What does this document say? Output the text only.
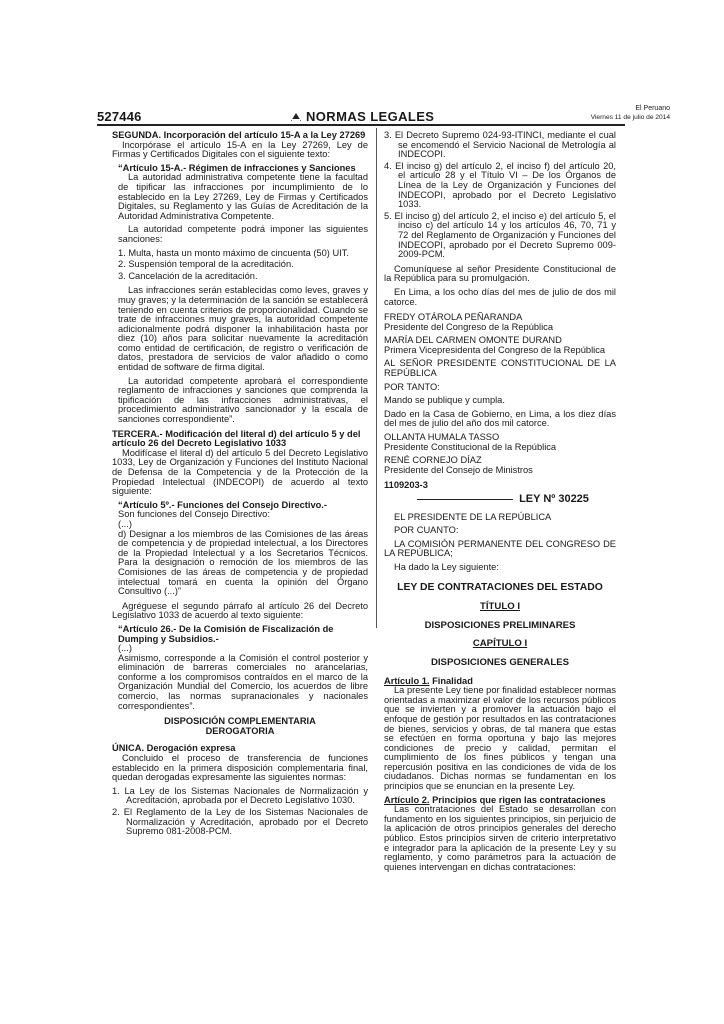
527446	NORMAS LEGALES
El Peruano
Viernes 11 de julio de 2014
SEGUNDA. Incorporación del artículo 15-A a la Ley 27269

Incorpórase el artículo 15-A en la Ley 27269, Ley de Firmas y Certificados Digitales con el siguiente texto:

“Artículo 15-A.- Régimen de infracciones y Sanciones

La autoridad administrativa competente tiene la facultad de tipificar las infracciones por incumplimiento de lo establecido en la Ley 27269, Ley de Firmas y Certificados Digitales, su Reglamento y las Guías de Acreditación de la Autoridad Administrativa Competente.

La autoridad competente podrá imponer las siguientes sanciones:

1. Multa, hasta un monto máximo de cincuenta (50) UIT.
2. Suspensión temporal de la acreditación.
3. Cancelación de la acreditación.

Las infracciones serán establecidas como leves, graves y muy graves; y la determinación de la sanción se establecerá teniendo en cuenta criterios de proporcionalidad. Cuando se trate de infracciones muy graves, la autoridad competente adicionalmente podrá disponer la inhabilitación hasta por diez (10) años para solicitar nuevamente la acreditación como entidad de certificación, de registro o verificación de datos, prestadora de servicios de valor añadido o como entidad de software de firma digital.

La autoridad competente aprobará el correspondiente reglamento de infracciones y sanciones que comprenda la tipificación de las infracciones administrativas, el procedimiento administrativo sancionador y la escala de sanciones correspondiente”.

TERCERA.- Modificación del literal d) del artículo 5 y del artículo 26 del Decreto Legislativo 1033

Modifícase el literal d) del artículo 5 del Decreto Legislativo 1033, Ley de Organización y Funciones del Instituto Nacional de Defensa de la Competencia y de la Protección de la Propiedad Intelectual (INDECOPI) de acuerdo al texto siguiente:

“Artículo 5º.- Funciones del Consejo Directivo.-
Son funciones del Consejo Directivo:
(...)

d) Designar a los miembros de las Comisiones de las áreas de competencia y de propiedad intelectual, a los Directores de la Propiedad Intelectual y a los Secretarios Técnicos. Para la designación o remoción de los miembros de las Comisiones de las áreas de competencia y de propiedad intelectual tomará en cuenta la opinión del Órgano Consultivo (...)”

Agréguese el segundo párrafo al artículo 26 del Decreto Legislativo 1033 de acuerdo al texto siguiente:

“Artículo 26.- De la Comisión de Fiscalización de Dumping y Subsidios.-
(...)

Asimismo, corresponde a la Comisión el control posterior y eliminación de barreras comerciales no arancelarias, conforme a los compromisos contraídos en el marco de la Organización Mundial del Comercio, los acuerdos de libre comercio, las normas supranacionales y nacionales correspondientes”.

DISPOSICIÓN COMPLEMENTARIA
DEROGATORIA
ÚNICA. Derogación expresa

Concluido el proceso de transferencia de funciones establecido en la primera disposición complementaria final, quedan derogadas expresamente las siguientes normas:

1. La Ley de los Sistemas Nacionales de Normalización y Acreditación, aprobada por el Decreto Legislativo 1030.
2. El Reglamento de la Ley de los Sistemas Nacionales de Normalización y Acreditación, aprobado por el Decreto Supremo 081-2008-PCM.
3. El Decreto Supremo 024-93-ITINCI, mediante el cual se encomendó el Servicio Nacional de Metrología al INDECOPI.
4. El inciso g) del artículo 2, el inciso f) del artículo 20, el artículo 28 y el Título VI – De los Órganos de Línea de la Ley de Organización y Funciones del INDECOPI, aprobado por el Decreto Legislativo 1033.
5. El inciso g) del artículo 2, el inciso e) del artículo 5, el inciso c) del artículo 14 y los artículos 46, 70, 71 y 72 del Reglamento de Organización y Funciones del INDECOPI, aprobado por el Decreto Supremo 009-2009-PCM.

Comuníquese al señor Presidente Constitucional de la República para su promulgación.

En Lima, a los ocho días del mes de julio de dos mil catorce.

FREDY OTÁROLA PEÑARANDA

Presidente del Congreso de la República

MARÍA DEL CARMEN OMONTE DURAND

Primera Vicepresidenta del Congreso de la República

AL SEÑOR PRESIDENTE CONSTITUCIONAL DE LA REPÚBLICA

POR TANTO:

Mando se publique y cumpla.

Dado en la Casa de Gobierno, en Lima, a los diez días del mes de julio del año dos mil catorce.

OLLANTA HUMALA TASSO

Presidente Constitucional de la República

RENÉ CORNEJO DÍAZ

Presidente del Consejo de Ministros

1109203-3
LEY Nº 30225

EL PRESIDENTE DE LA REPÚBLICA

POR CUANTO:

LA COMISIÓN PERMANENTE DEL CONGRESO DE LA REPÚBLICA;

Ha dado la Ley siguiente:

LEY DE CONTRATACIONES DEL ESTADO
TÍTULO I
DISPOSICIONES PRELIMINARES
CAPÍTULO I
DISPOSICIONES GENERALES
Artículo 1. Finalidad

La presente Ley tiene por finalidad establecer normas orientadas a maximizar el valor de los recursos públicos que se invierten y a promover la actuación bajo el enfoque de gestión por resultados en las contrataciones de bienes, servicios y obras, de tal manera que estas se efectúen en forma oportuna y bajo las mejores condiciones de precio y calidad, permitan el cumplimiento de los fines públicos y tengan una repercusión positiva en las condiciones de vida de los ciudadanos. Dichas normas se fundamentan en los principios que se enuncian en la presente Ley.

Artículo 2. Principios que rigen las contrataciones

Las contrataciones del Estado se desarrollan con fundamento en los siguientes principios, sin perjuicio de la aplicación de otros principios generales del derecho público. Estos principios sirven de criterio interpretativo e integrador para la aplicación de la presente Ley y su reglamento, y como parámetros para la actuación de quienes intervengan en dichas contrataciones:
